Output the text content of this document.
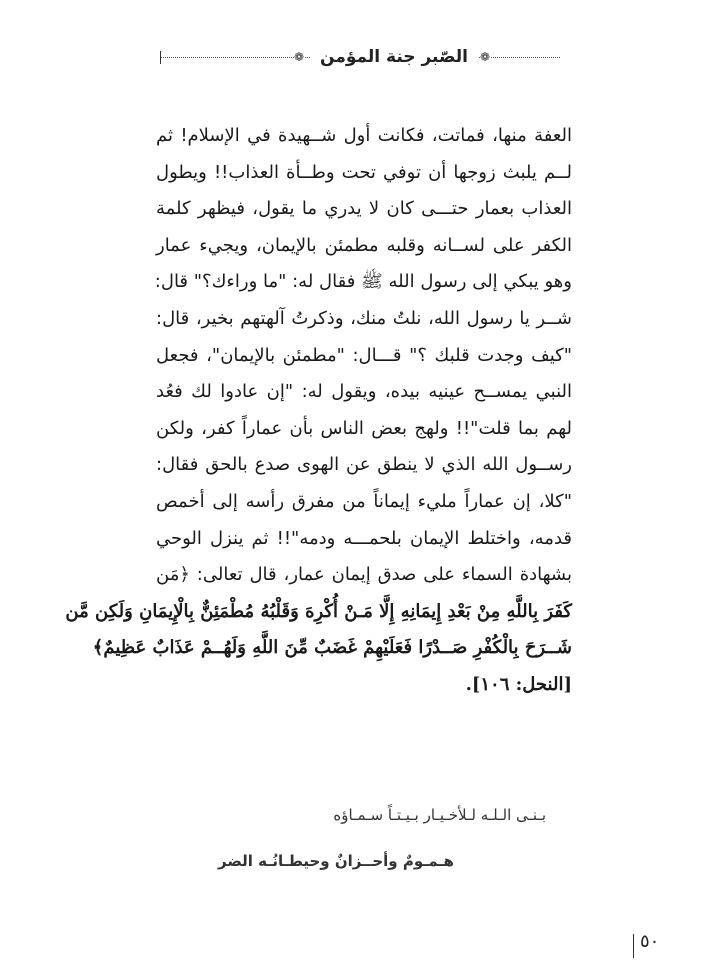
❁ الصّبر جنة المؤمن	❁
العفة منها، فماتت، فكانت أول شــهيدة في الإسلام! ثم
لــم يلبث زوجها أن توفي تحت وطــأة العذاب!! ويطول
العذاب بعمار حتـــى كان لا يدري ما يقول، فيظهر كلمة
الكفر على لســانه وقلبه مطمئن بالإيمان، ويجيء عمار
وهو يبكي إلى رسول الله ﷺ فقال له: "ما وراءك؟" قال:
شــر يا رسول الله، نلتُ منك، وذكرتُ آلهتهم بخير، قال:
"كيف وجدت قلبك ؟" قـــال: "مطمئن بالإيمان"، فجعل
النبي يمســح عينيه بيده، ويقول له: "إن عادوا لك فعُد
لهم بما قلت"!! ولهج بعض الناس بأن عماراً كفر، ولكن
رســول الله الذي لا ينطق عن الهوى صدع بالحق فقال:
"كلا، إن عماراً مليء إيماناً من مفرق رأسه إلى أخمص
قدمه، واختلط الإيمان بلحمـــه ودمه"!! ثم ينزل الوحي
بشهادة السماء على صدق إيمان عمار، قال تعالى: ﴿مَن
كَفَرَ بِاللَّهِ مِنْ بَعْدِ إِيمَانِهِ إِلَّا مَـنْ أُكْرِهَ وَقَلْبُهُ مُطْمَئِنٌّ بِالْإِيمَانِ وَلَكِن مَّن
شَــرَحَ بِالْكُفْرِ صَــدْرًا فَعَلَيْهِمْ غَضَبٌ مِّنَ اللَّهِ وَلَهُــمْ عَذَابٌ عَظِيمٌ﴾
[النحل: ١٠٦].
بـنـى الـلـه لـلأخـيـار بـيـتـاً سـمـاؤه
هـمـومٌ وأحــزانٌ وحيطـانُـه الضر
٥٠
